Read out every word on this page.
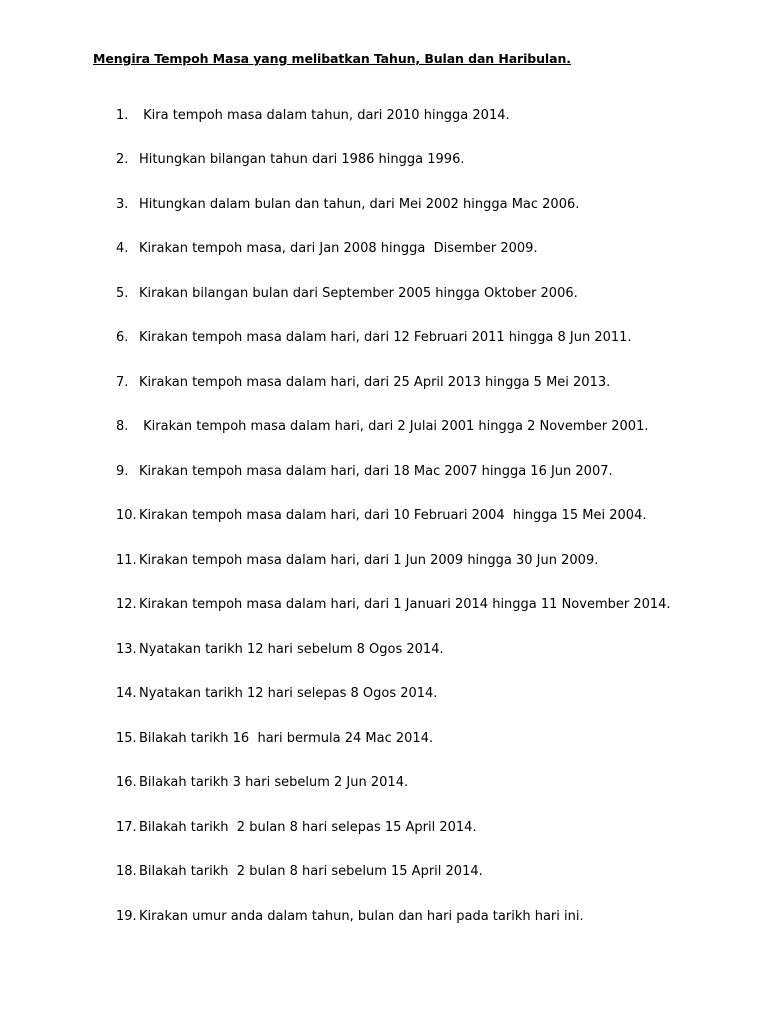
Mengira Tempoh Masa yang melibatkan Tahun, Bulan dan Haribulan.
1. Kira tempoh masa dalam tahun, dari 2010 hingga 2014.
2. Hitungkan bilangan tahun dari 1986 hingga 1996.
3. Hitungkan dalam bulan dan tahun, dari Mei 2002 hingga Mac 2006.
4. Kirakan tempoh masa, dari Jan 2008 hingga  Disember 2009.
5. Kirakan bilangan bulan dari September 2005 hingga Oktober 2006.
6. Kirakan tempoh masa dalam hari, dari 12 Februari 2011 hingga 8 Jun 2011.
7. Kirakan tempoh masa dalam hari, dari 25 April 2013 hingga 5 Mei 2013.
8. Kirakan tempoh masa dalam hari, dari 2 Julai 2001 hingga 2 November 2001.
9. Kirakan tempoh masa dalam hari, dari 18 Mac 2007 hingga 16 Jun 2007.
10. Kirakan tempoh masa dalam hari, dari 10 Februari 2004  hingga 15 Mei 2004.
11. Kirakan tempoh masa dalam hari, dari 1 Jun 2009 hingga 30 Jun 2009.
12. Kirakan tempoh masa dalam hari, dari 1 Januari 2014 hingga 11 November 2014.
13. Nyatakan tarikh 12 hari sebelum 8 Ogos 2014.
14. Nyatakan tarikh 12 hari selepas 8 Ogos 2014.
15. Bilakah tarikh 16  hari bermula 24 Mac 2014.
16. Bilakah tarikh 3 hari sebelum 2 Jun 2014.
17. Bilakah tarikh  2 bulan 8 hari selepas 15 April 2014.
18. Bilakah tarikh  2 bulan 8 hari sebelum 15 April 2014.
19. Kirakan umur anda dalam tahun, bulan dan hari pada tarikh hari ini.
